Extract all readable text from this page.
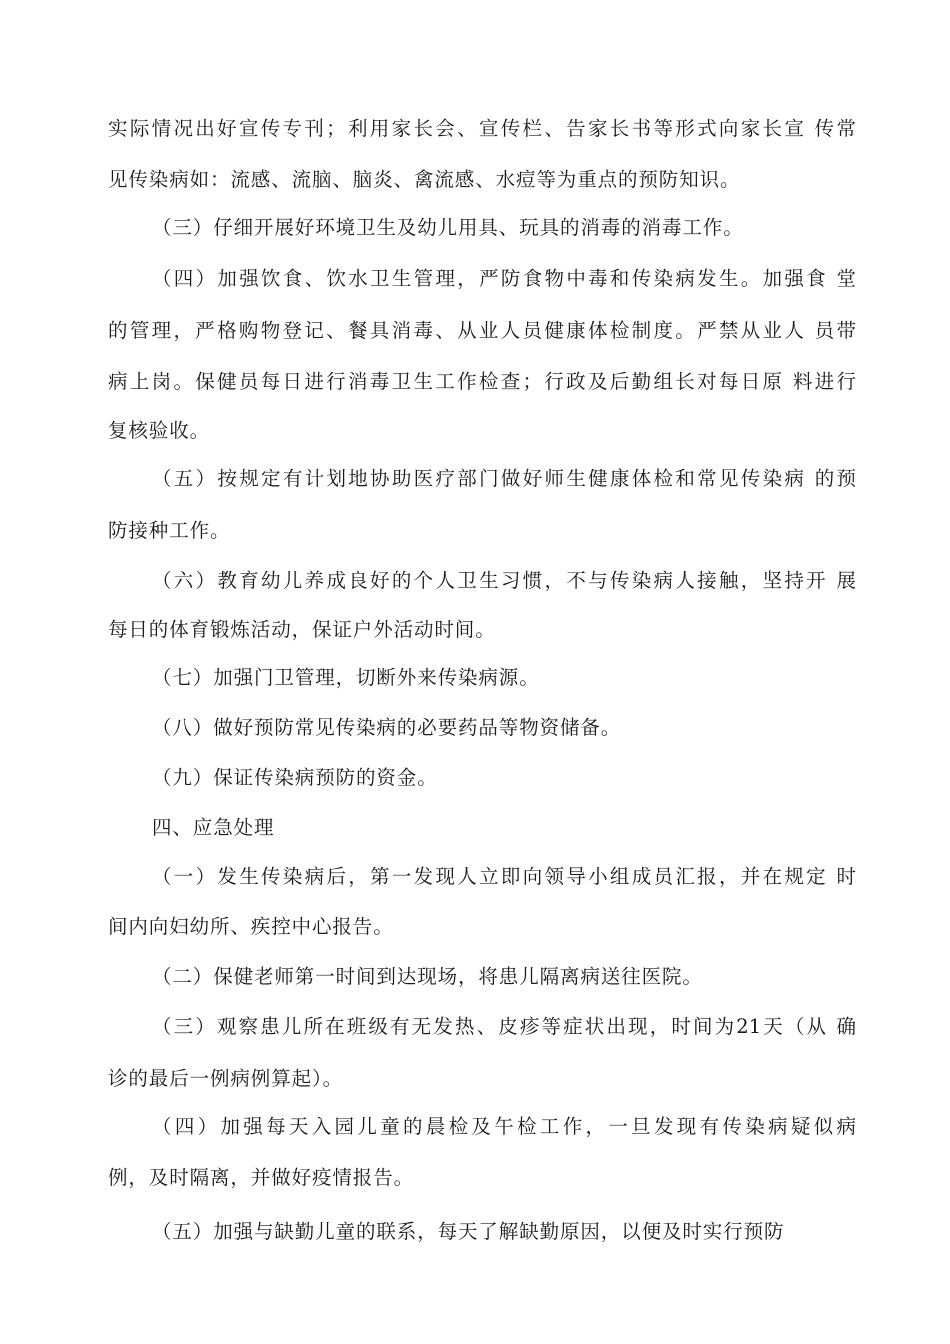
实际情况出好宣传专刊；利用家长会、宣传栏、告家长书等形式向家长宣 传常
见传染病如：流感、流脑、脑炎、禽流感、水痘等为重点的预防知识。
（三）仔细开展好环境卫生及幼儿用具、玩具的消毒的消毒工作。
（四）加强饮食、饮水卫生管理，严防食物中毒和传染病发生。加强食 堂
的管理，严格购物登记、餐具消毒、从业人员健康体检制度。严禁从业人 员带
病上岗。保健员每日进行消毒卫生工作检查；行政及后勤组长对每日原 料进行
复核验收。
（五）按规定有计划地协助医疗部门做好师生健康体检和常见传染病 的预
防接种工作。
（六）教育幼儿养成良好的个人卫生习惯，不与传染病人接触，坚持开 展
每日的体育锻炼活动，保证户外活动时间。
（七）加强门卫管理，切断外来传染病源。
（八）做好预防常见传染病的必要药品等物资储备。
（九）保证传染病预防的资金。
四、应急处理
（一）发生传染病后，第一发现人立即向领导小组成员汇报，并在规定 时
间内向妇幼所、疾控中心报告。
（二）保健老师第一时间到达现场，将患儿隔离病送往医院。
（三）观察患儿所在班级有无发热、皮疹等症状出现，时间为21天（从 确
诊的最后一例病例算起）。
（四）加强每天入园儿童的晨检及午检工作，一旦发现有传染病疑似病
例，及时隔离，并做好疫情报告。
（五）加强与缺勤儿童的联系，每天了解缺勤原因，以便及时实行预防
